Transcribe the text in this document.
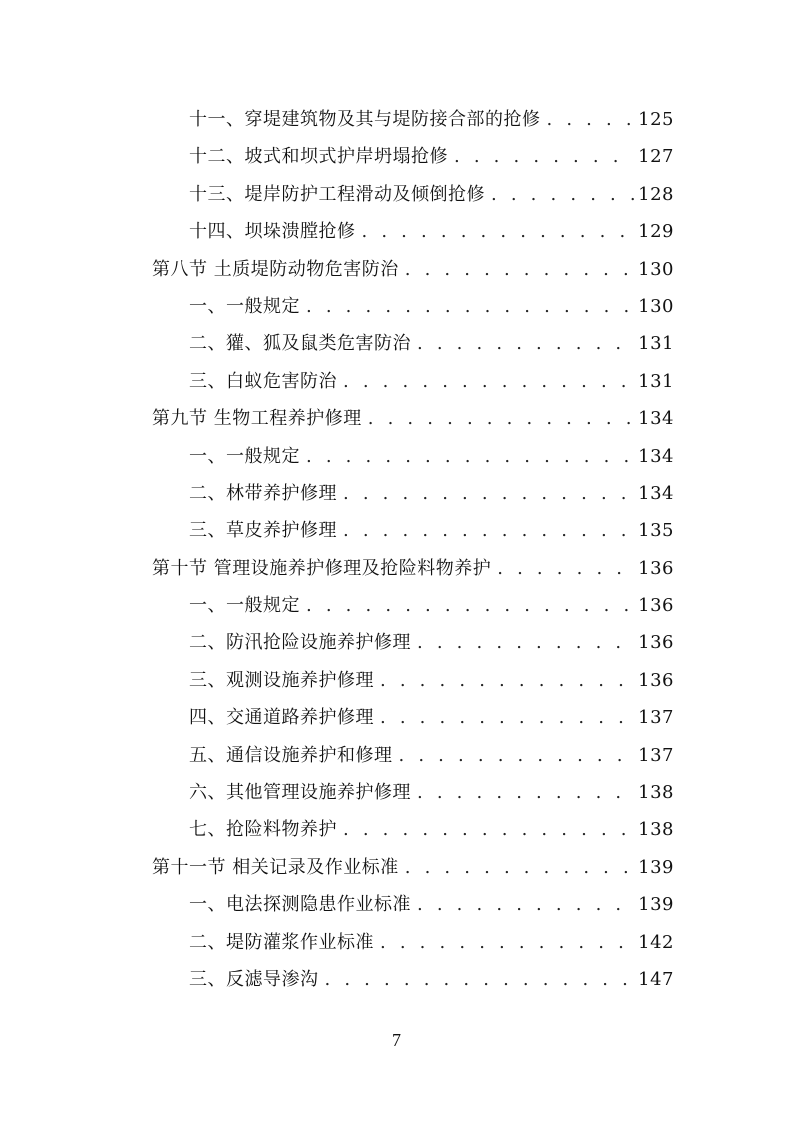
十一、穿堤建筑物及其与堤防接合部的抢修 . . .	125
十二、坡式和坝式护岸坍塌抢修 . . .	127
十三、堤岸防护工程滑动及倾倒抢修 . . .	128
十四、坝垛溃膛抢修 . . .	129
第八节 土质堤防动物危害防治 . . .	130
一、一般规定 . . .	130
二、獾、狐及鼠类危害防治 . . .	131
三、白蚁危害防治 . . .	131
第九节 生物工程养护修理 . . .	134
一、一般规定 . . .	134
二、林带养护修理 . . .	134
三、草皮养护修理 . . .	135
第十节 管理设施养护修理及抢险料物养护 . . .	136
一、一般规定 . . .	136
二、防汛抢险设施养护修理 . . .	136
三、观测设施养护修理 . . .	136
四、交通道路养护修理 . . .	137
五、通信设施养护和修理 . . .	137
六、其他管理设施养护修理 . . .	138
七、抢险料物养护 . . .	138
第十一节 相关记录及作业标准 . . .	139
一、电法探测隐患作业标准 . . .	139
二、堤防灌浆作业标准 . . .	142
三、反滤导渗沟 . . .	147
7
